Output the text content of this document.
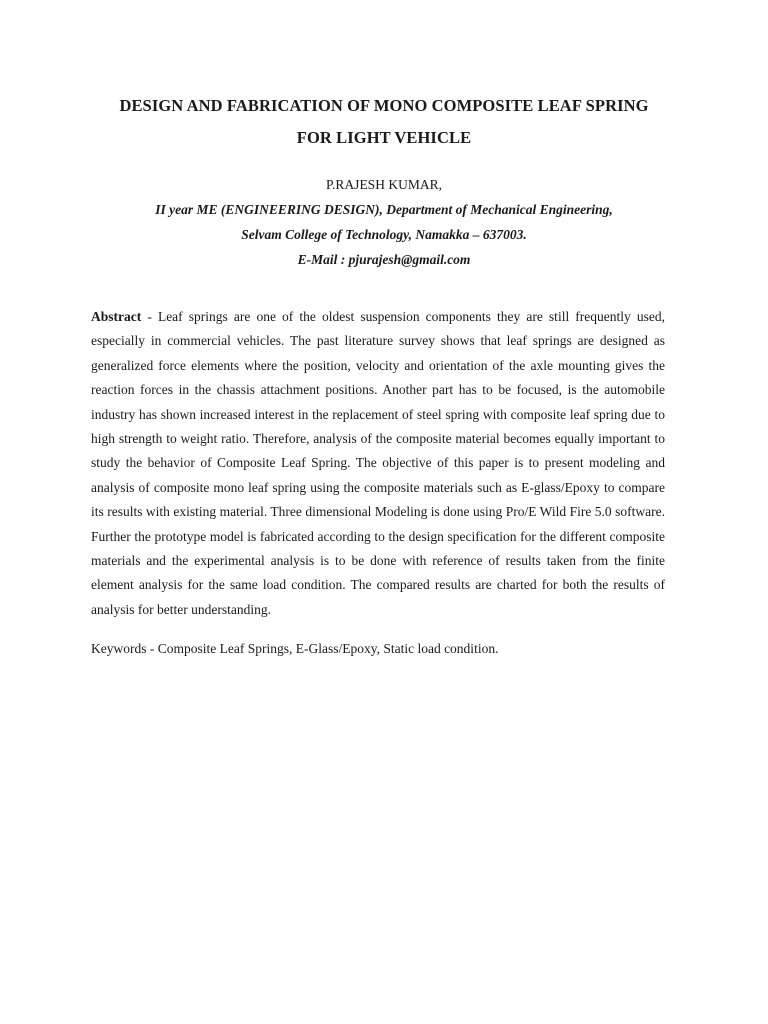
DESIGN AND FABRICATION OF MONO COMPOSITE LEAF SPRING
FOR LIGHT VEHICLE
P.RAJESH KUMAR,
II year ME (ENGINEERING DESIGN), Department of Mechanical Engineering,
Selvam College of Technology, Namakka – 637003.
E-Mail : pjurajesh@gmail.com

Abstract - Leaf springs are one of the oldest suspension components they are still frequently used, especially in commercial vehicles. The past literature survey shows that leaf springs are designed as generalized force elements where the position, velocity and orientation of the axle mounting gives the reaction forces in the chassis attachment positions. Another part has to be focused, is the automobile industry has shown increased interest in the replacement of steel spring with composite leaf spring due to high strength to weight ratio. Therefore, analysis of the composite material becomes equally important to study the behavior of Composite Leaf Spring. The objective of this paper is to present modeling and analysis of composite mono leaf spring using the composite materials such as E-glass/Epoxy to compare its results with existing material. Three dimensional Modeling is done using Pro/E Wild Fire 5.0 software. Further the prototype model is fabricated according to the design specification for the different composite materials and the experimental analysis is to be done with reference of results taken from the finite element analysis for the same load condition. The compared results are charted for both the results of analysis for better understanding.

Keywords - Composite Leaf Springs, E-Glass/Epoxy, Static load condition.
